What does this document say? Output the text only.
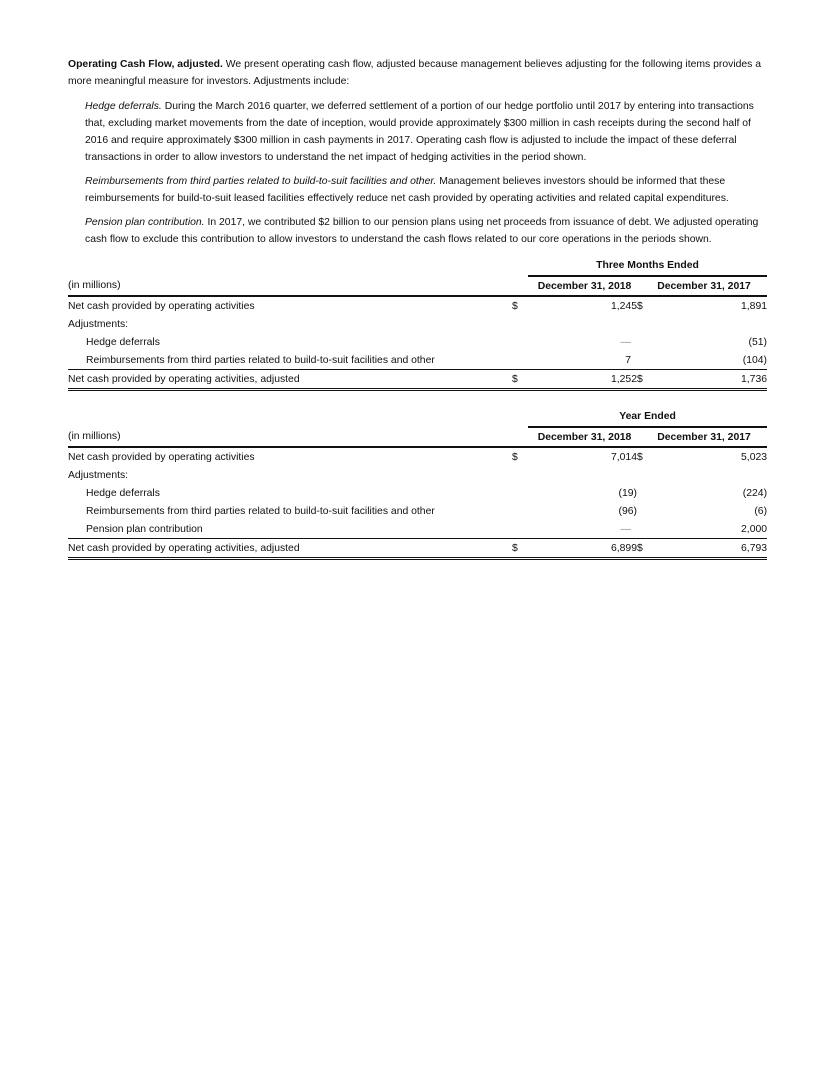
Operating Cash Flow, adjusted. We present operating cash flow, adjusted because management believes adjusting for the following items provides a more meaningful measure for investors. Adjustments include:

Hedge deferrals. During the March 2016 quarter, we deferred settlement of a portion of our hedge portfolio until 2017 by entering into transactions that, excluding market movements from the date of inception, would provide approximately $300 million in cash receipts during the second half of 2016 and require approximately $300 million in cash payments in 2017. Operating cash flow is adjusted to include the impact of these deferral transactions in order to allow investors to understand the net impact of hedging activities in the period shown.

Reimbursements from third parties related to build-to-suit facilities and other. Management believes investors should be informed that these reimbursements for build-to-suit leased facilities effectively reduce net cash provided by operating activities and related capital expenditures.

Pension plan contribution. In 2017, we contributed $2 billion to our pension plans using net proceeds from issuance of debt. We adjusted operating cash flow to exclude this contribution to allow investors to understand the cash flows related to our core operations in the periods shown.

		Three Months Ended			
(in millions)		December 31, 2018		December 31, 2017	
Net cash provided by operating activities	$	1,245	$		1,891
Adjustments:					
Hedge deferrals		—			(51)
Reimbursements from third parties related to build-to-suit facilities and other		7			(104)
Net cash provided by operating activities, adjusted	$	1,252	$		1,736
		Year Ended			
(in millions)		December 31, 2018		December 31, 2017	
Net cash provided by operating activities	$	7,014	$		5,023
Adjustments:					
Hedge deferrals		(19)			(224)
Reimbursements from third parties related to build-to-suit facilities and other		(96)			(6)
Pension plan contribution		—			2,000
Net cash provided by operating activities, adjusted	$	6,899	$		6,793
